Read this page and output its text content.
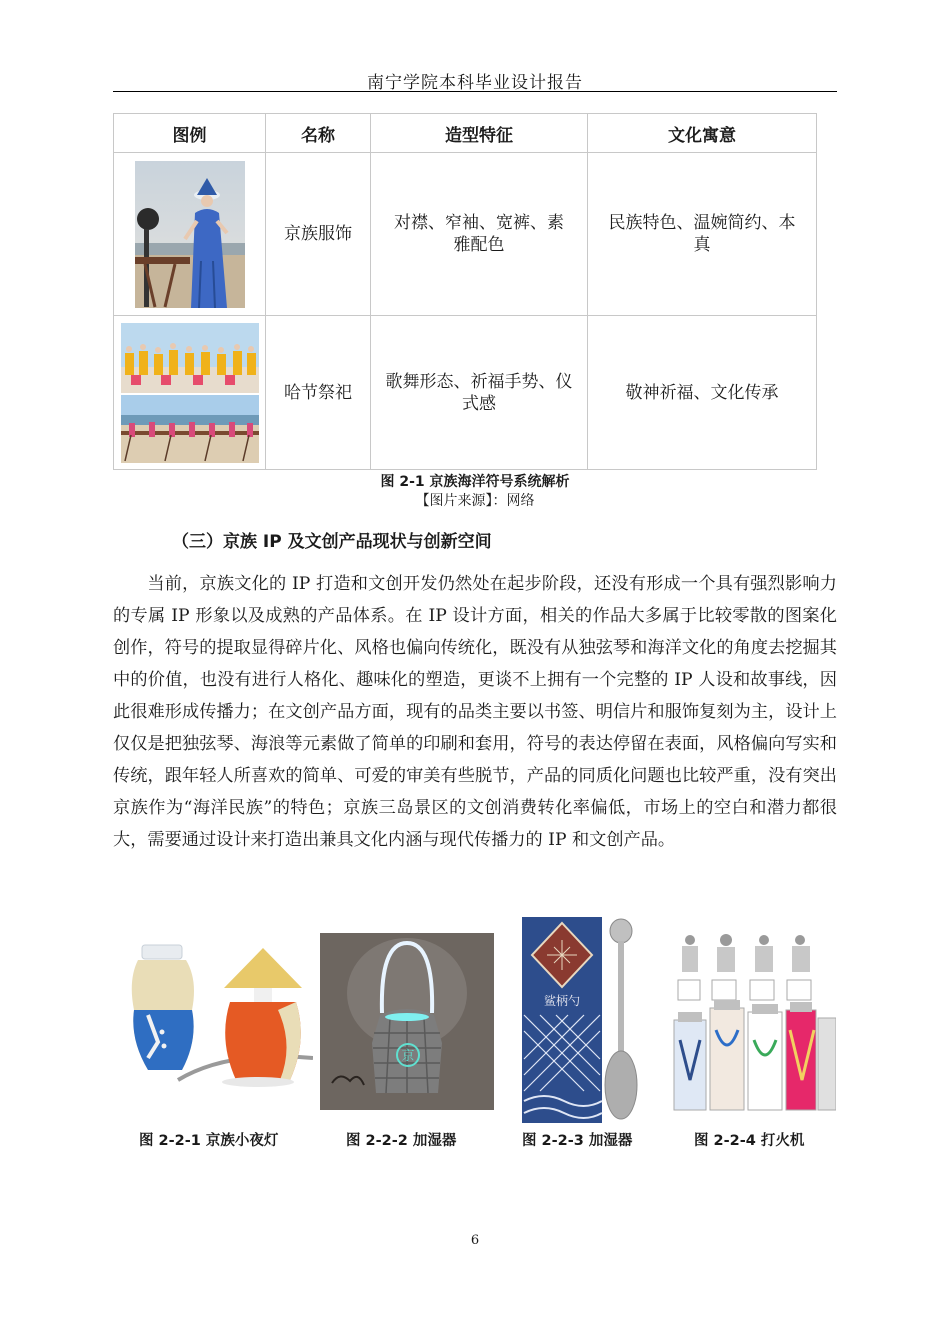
南宁学院本科毕业设计报告
图例	名称	造型特征	文化寓意

	京族服饰	对襟、窄袖、宽裤、素雅配色	民族特色、温婉简约、本真

	哈节祭祀	歌舞形态、祈福手势、仪式感	敬神祈福、文化传承
图 2-1 京族海洋符号系统解析
【图片来源】：网络
（三）京族 IP 及文创产品现状与创新空间

当前，京族文化的 IP 打造和文创开发仍然处在起步阶段，还没有形成一个具有强烈影响力的专属 IP 形象以及成熟的产品体系。在 IP 设计方面，相关的作品大多属于比较零散的图案化创作，符号的提取显得碎片化、风格也偏向传统化，既没有从独弦琴和海洋文化的角度去挖掘其中的价值，也没有进行人格化、趣味化的塑造，更谈不上拥有一个完整的 IP 人设和故事线，因此很难形成传播力；在文创产品方面，现有的品类主要以书签、明信片和服饰复刻为主，设计上仅仅是把独弦琴、海浪等元素做了简单的印刷和套用，符号的表达停留在表面，风格偏向写实和传统，跟年轻人所喜欢的简单、可爱的审美有些脱节，产品的同质化问题也比较严重，没有突出京族作为“海洋民族”的特色；京族三岛景区的文创消费转化率偏低，市场上的空白和潜力都很大，需要通过设计来打造出兼具文化内涵与现代传播力的 IP 和文创产品。

图 2-2-1 京族小夜灯
京
图 2-2-2 加湿器
鲨柄勺
图 2-2-3 加湿器	图 2-2-4 打火机
6
